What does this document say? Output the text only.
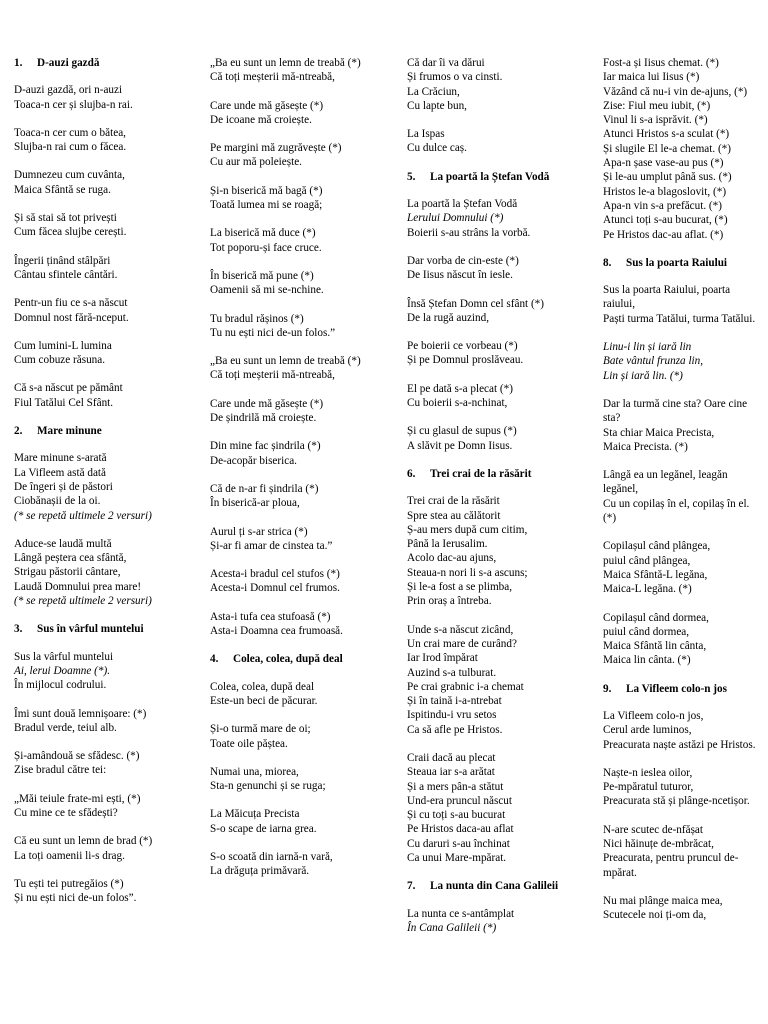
1.	D-auzi gazdă
D-auzi gazdă, ori n-auzi
Toaca-n cer și slujba-n rai.
Toaca-n cer cum o bătea,
Slujba-n rai cum o făcea.
Dumnezeu cum cuvânta,
Maica Sfântă se ruga.
Și să stai să tot privești
Cum făcea slujbe cerești.
Îngerii ținând stâlpări
Cântau sfintele cântări.
Pentr-un fiu ce s-a născut
Domnul nost fără-nceput.
Cum lumini-L lumina
Cum cobuze răsuna.
Că s-a născut pe pământ
Fiul Tatălui Cel Sfânt.
2.	Mare minune
Mare minune s-arată
La Vifleem astă dată
De îngeri și de păstori
Ciobănașii de la oi.
(* se repetă ultimele 2 versuri)
Aduce-se laudă multă
Lângă peștera cea sfântă,
Strigau păstorii cântare,
Laudă Domnului prea mare!
(* se repetă ultimele 2 versuri)
3.	Sus în vârful muntelui
Sus la vârful muntelui
Ai, lerui Doamne (*).
În mijlocul codrului.
Îmi sunt două lemnișoare: (*)
Bradul verde, teiul alb.
Și-amândouă se sfădesc. (*)
Zise bradul către tei:
„Măi teiule frate-mi ești, (*)
Cu mine ce te sfădești?
Că eu sunt un lemn de brad (*)
La toți oamenii li-s drag.
Tu ești tei putregăios (*)
Și nu ești nici de-un folos”.
„Ba eu sunt un lemn de treabă (*)
Că toți meșterii mă-ntreabă,
Care unde mă găsește (*)
De icoane mă croiește.
Pe margini mă zugrăvește (*)
Cu aur mă poleiește.
Și-n biserică mă bagă (*)
Toată lumea mi se roagă;
La biserică mă duce (*)
Tot poporu-și face cruce.
În biserică mă pune (*)
Oamenii să mi se-nchine.
Tu bradul rășinos (*)
Tu nu ești nici de-un folos.”
„Ba eu sunt un lemn de treabă (*)
Că toți meșterii mă-ntreabă,
Care unde mă găsește (*)
De șindrilă mă croiește.
Din mine fac șindrila (*)
De-acopăr biserica.
Că de n-ar fi șindrila (*)
În biserică-ar ploua,
Aurul ți s-ar strica (*)
Și-ar fi amar de cinstea ta.”
Acesta-i bradul cel stufos (*)
Acesta-i Domnul cel frumos.
Asta-i tufa cea stufoasă (*)
Asta-i Doamna cea frumoasă.
4.	Colea, colea, după deal
Colea, colea, după deal
Este-un beci de păcurar.
Și-o turmă mare de oi;
Toate oile pășteа.
Numai una, miorea,
Sta-n genunchi și se ruga;
La Măicuța Precista
S-o scape de iarna grea.
S-o scoată din iarnă-n vară,
La drăguța primăvară.
Că dar îi va dărui
Și frumos o va cinsti.
La Crăciun,
Cu lapte bun,
La Ispas
Cu dulce caș.
5.	La poartă la Ștefan Vodă
La poartă la Ștefan Vodă
Lerului Domnului (*)
Boierii s-au strâns la vorbă.
Dar vorba de cin-este (*)
De Iisus născut în iesle.
Însă Ștefan Domn cel sfânt (*)
De la rugă auzind,
Pe boierii ce vorbeau (*)
Și pe Domnul proslăveau.
El pe dată s-a plecat (*)
Cu boierii s-a-nchinat,
Și cu glasul de supus (*)
A slăvit pe Domn Iisus.
6.	Trei crai de la răsărit
Trei crai de la răsărit
Spre stea au călătorit
Ș-au mers după cum citim,
Până la Ierusalim.
Acolo dac-au ajuns,
Steaua-n nori li s-a ascuns;
Și le-a fost a se plimba,
Prin oraș a întreba.
Unde s-a născut zicând,
Un crai mare de curând?
Iar Irod împărat
Auzind s-a tulburat.
Pe crai grabnic i-a chemat
Și în taină i-a-ntrebat
Ispitindu-i vru setos
Ca să afle pe Hristos.
Craii dacă au plecat
Steaua iar s-a arătat
Și a mers pân-a stătut
Und-era pruncul născut
Și cu toți s-au bucurat
Pe Hristos daca-au aflat
Cu daruri s-au închinat
Ca unui Mare-mpărat.
7.	La nunta din Cana Galileii
La nunta ce s-antâmplat
În Cana Galileii (*)
Fost-a și Iisus chemat. (*)
Iar maica lui Iisus (*)
Văzând că nu-i vin de-ajuns, (*)
Zise: Fiul meu iubit, (*)
Vinul li s-a isprăvit. (*)
Atunci Hristos s-a sculat (*)
Și slugile El le-a chemat. (*)
Apa-n șase vase-au pus (*)
Și le-au umplut până sus. (*)
Hristos le-a blagoslovit, (*)
Apa-n vin s-a prefăcut. (*)
Atunci toți s-au bucurat, (*)
Pe Hristos dac-au aflat. (*)
8.	Sus la poarta Raiului
Sus la poarta Raiului, poarta raiului,
Paști turma Tatălui, turma Tatălui.
Linu-i lin și iară lin
Bate vântul frunza lin,
Lin și iară lin. (*)
Dar la turmă cine sta? Oare cine sta?
Sta chiar Maica Precista,
Maica Precista. (*)
Lângă ea un legănel, leagăn legănel,
Cu un copilaș în el, copilaș în el. (*)
Copilașul când plângea,
puiul când plângea,
Maica Sfântă-L legăna,
Maica-L legăna. (*)
Copilașul când dormea,
puiul când dormea,
Maica Sfântă lin cânta,
Maica lin cânta. (*)
9.	La Vifleem colo-n jos
La Vifleem colo-n jos,
Cerul arde luminos,
Preacurata naște astăzi pe Hristos.
Naște-n ieslea oilor,
Pe-mpăratul tuturor,
Preacurata stă și plânge-ncetișor.
N-are scutec de-nfășat
Nici hăinuțe de-mbrăcat,
Preacurata, pentru pruncul de-mpărat.
Nu mai plânge maica mea,
Scutecele noi ți-om da,
